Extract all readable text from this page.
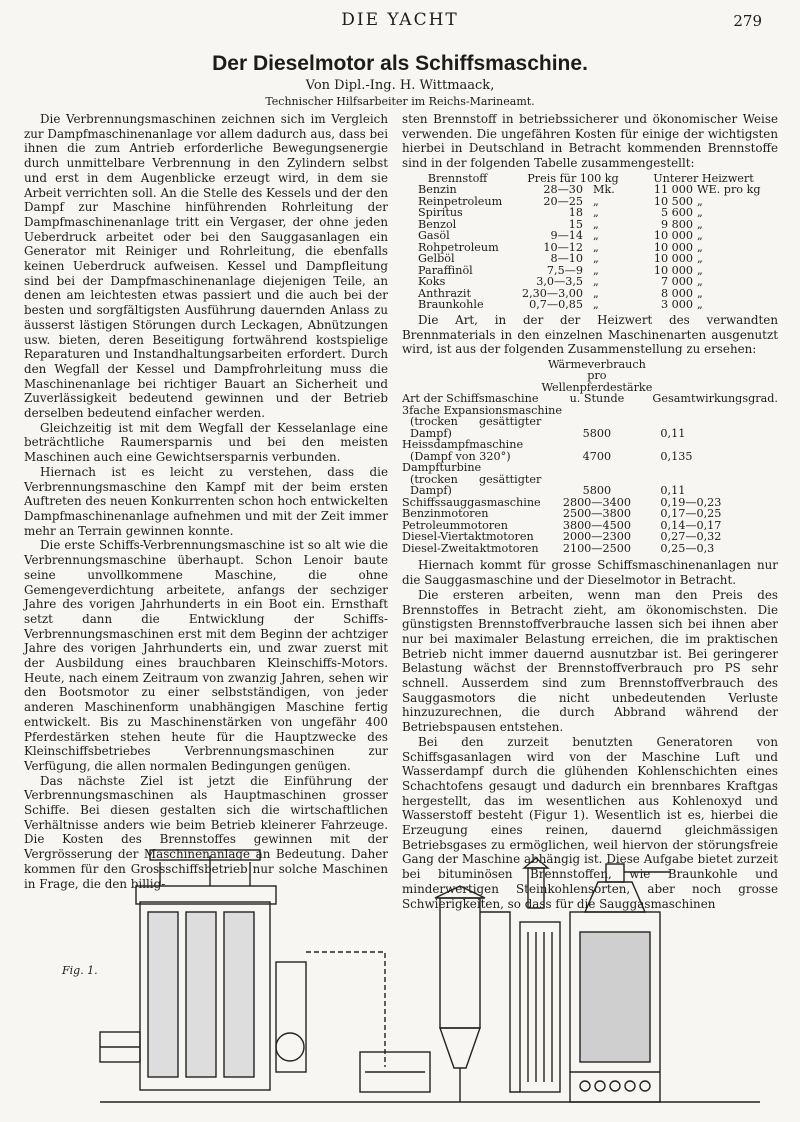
DIE YACHT	279
Der Dieselmotor als Schiffsmaschine.
Von Dipl.-Ing. H. Wittmaack,
Technischer Hilfsarbeiter im Reichs-Marineamt.

Die Verbrennungsmaschinen zeichnen sich im Vergleich zur Dampfmaschinenanlage vor allem dadurch aus, dass bei ihnen die zum Antrieb erforderliche Bewegungsenergie durch unmittelbare Verbrennung in den Zylindern selbst und erst in dem Augenblicke erzeugt wird, in dem sie Arbeit verrichten soll. An die Stelle des Kessels und der den Dampf zur Maschine hinführenden Rohrleitung der Dampfmaschinenanlage tritt ein Vergaser, der ohne jeden Ueberdruck arbeitet oder bei den Sauggasanlagen ein Generator mit Reiniger und Rohrleitung, die ebenfalls keinen Ueberdruck aufweisen. Kessel und Dampfleitung sind bei der Dampfmaschinenanlage diejenigen Teile, an denen am leichtesten etwas passiert und die auch bei der besten und sorgfältigsten Ausführung dauernden Anlass zu äusserst lästigen Störungen durch Leckagen, Abnützungen usw. bieten, deren Beseitigung fortwährend kostspielige Reparaturen und Instandhaltungsarbeiten erfordert. Durch den Wegfall der Kessel und Dampfrohrleitung muss die Maschinenanlage bei richtiger Bauart an Sicherheit und Zuverlässigkeit bedeutend gewinnen und der Betrieb derselben bedeutend einfacher werden.

Gleichzeitig ist mit dem Wegfall der Kesselanlage eine beträchtliche Raumersparnis und bei den meisten Maschinen auch eine Gewichtsersparnis verbunden.

Hiernach ist es leicht zu verstehen, dass die Verbrennungsmaschine den Kampf mit der beim ersten Auftreten des neuen Konkurrenten schon hoch entwickelten Dampfmaschinenanlage aufnehmen und mit der Zeit immer mehr an Terrain gewinnen konnte.

Die erste Schiffs-Verbrennungsmaschine ist so alt wie die Verbrennungsmaschine überhaupt. Schon Lenoir baute seine unvollkommene Maschine, die ohne Gemengeverdichtung arbeitete, anfangs der sechziger Jahre des vorigen Jahrhunderts in ein Boot ein. Ernsthaft setzt dann die Entwicklung der Schiffs-Verbrennungsmaschinen erst mit dem Beginn der achtziger Jahre des vorigen Jahrhunderts ein, und zwar zuerst mit der Ausbildung eines brauchbaren Kleinschiffs-Motors. Heute, nach einem Zeitraum von zwanzig Jahren, sehen wir den Bootsmotor zu einer selbstständigen, von jeder anderen Maschinenform unabhängigen Maschine fertig entwickelt. Bis zu Maschinenstärken von ungefähr 400 Pferdestärken stehen heute für die Hauptzwecke des Kleinschiffsbetriebes Verbrennungsmaschinen zur Verfügung, die allen normalen Bedingungen genügen.

Das nächste Ziel ist jetzt die Einführung der Verbrennungsmaschinen als Hauptmaschinen grosser Schiffe. Bei diesen gestalten sich die wirtschaftlichen Verhältnisse anders wie beim Betrieb kleinerer Fahrzeuge. Die Kosten des Brennstoffes gewinnen mit der Vergrösserung der Maschinenanlage an Bedeutung. Daher kommen für den Grossschiffsbetrieb nur solche Maschinen in Frage, die den billig-

sten Brennstoff in betriebssicherer und ökonomischer Weise verwenden. Die ungefähren Kosten für einige der wichtigsten hierbei in Deutschland in Betracht kommenden Brennstoffe sind in der folgenden Tabelle zusammengestellt:

Brennstoff	Preis für 100 kg		Unterer Heizwert	
Benzin	28—30	Mk.	11 000	WE. pro kg
Reinpetroleum	20—25	„	10 500	„
Spiritus	18	„	5 600	„
Benzol	15	„	9 800	„
Gasöl	9—14	„	10 000	„
Rohpetroleum	10—12	„	10 000	„
Gelböl	8—10	„	10 000	„
Paraffinöl	7,5—9	„	10 000	„
Koks	3,0—3,5	„	7 000	„
Anthrazit	2,30—3,00	„	8 000	„
Braunkohle	0,7—0,85	„	3 000	„

Die Art, in der der Heizwert des verwandten Brennmaterials in den einzelnen Maschinenarten ausgenutzt wird, ist aus der folgenden Zusammenstellung zu ersehen:

Art der Schiffsmaschine	Wärmeverbrauch pro Wellenpferdestärke u. Stunde	Gesamtwirkungsgrad.
3fache Expansionsmaschine		
(trocken gesättigter Dampf)	5800	0,11
Heissdampfmaschine		
(Dampf von 320°)	4700	0,135
Dampfturbine		
(trocken gesättigter Dampf)	5800	0,11
Schiffssauggasmaschine	2800—3400	0,19—0,23
Benzinmotoren	2500—3800	0,17—0,25
Petroleummotoren	3800—4500	0,14—0,17
Diesel-Viertaktmotoren	2000—2300	0,27—0,32
Diesel-Zweitaktmotoren	2100—2500	0,25—0,3

Hiernach kommt für grosse Schiffsmaschinenanlagen nur die Sauggasmaschine und der Dieselmotor in Betracht.

Die ersteren arbeiten, wenn man den Preis des Brennstoffes in Betracht zieht, am ökonomischsten. Die günstigsten Brennstoffverbrauche lassen sich bei ihnen aber nur bei maximaler Belastung erreichen, die im praktischen Betrieb nicht immer dauernd ausnutzbar ist. Bei geringerer Belastung wächst der Brennstoffverbrauch pro PS sehr schnell. Ausserdem sind zum Brennstoffverbrauch des Sauggasmotors die nicht unbedeutenden Verluste hinzuzurechnen, die durch Abbrand während der Betriebspausen entstehen.

Bei den zurzeit benutzten Generatoren von Schiffsgasanlagen wird von der Maschine Luft und Wasserdampf durch die glühenden Kohlenschichten eines Schachtofens gesaugt und dadurch ein brennbares Kraftgas hergestellt, das im wesentlichen aus Kohlenoxyd und Wasserstoff besteht (Figur 1). Wesentlich ist es, hierbei die Erzeugung eines reinen, dauernd gleichmässigen Betriebsgases zu ermöglichen, weil hiervon der störungsfreie Gang der Maschine abhängig ist. Diese Aufgabe bietet zurzeit bei bituminösen Brennstoffen, wie Braunkohle und minderwertigen Steinkohlensorten, aber noch grosse Schwierigkeiten, so dass für die Sauggasmaschinen

Fig. 1.
